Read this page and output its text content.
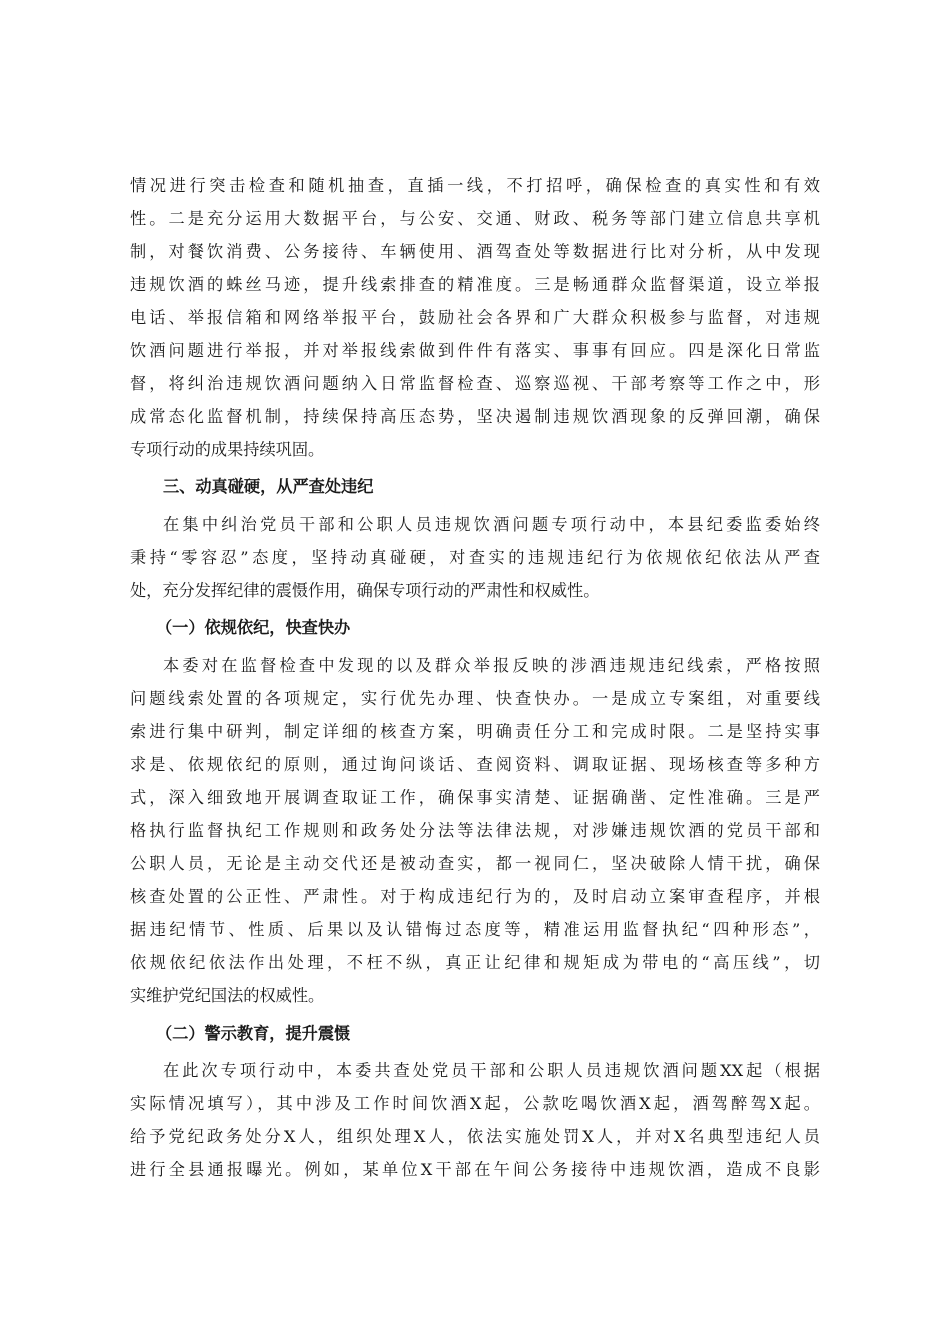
情况进行突击检查和随机抽查，直插一线，不打招呼，确保检查的真实性和有效
性。二是充分运用大数据平台，与公安、交通、财政、税务等部门建立信息共享机
制，对餐饮消费、公务接待、车辆使用、酒驾查处等数据进行比对分析，从中发现
违规饮酒的蛛丝马迹，提升线索排查的精准度。三是畅通群众监督渠道，设立举报
电话、举报信箱和网络举报平台，鼓励社会各界和广大群众积极参与监督，对违规
饮酒问题进行举报，并对举报线索做到件件有落实、事事有回应。四是深化日常监
督，将纠治违规饮酒问题纳入日常监督检查、巡察巡视、干部考察等工作之中，形
成常态化监督机制，持续保持高压态势，坚决遏制违规饮酒现象的反弹回潮，确保
专项行动的成果持续巩固。
三、动真碰硬，从严查处违纪
在集中纠治党员干部和公职人员违规饮酒问题专项行动中，本县纪委监委始终
秉持“零容忍”态度，坚持动真碰硬，对查实的违规违纪行为依规依纪依法从严查
处，充分发挥纪律的震慑作用，确保专项行动的严肃性和权威性。
（一）依规依纪，快查快办
本委对在监督检查中发现的以及群众举报反映的涉酒违规违纪线索，严格按照
问题线索处置的各项规定，实行优先办理、快查快办。一是成立专案组，对重要线
索进行集中研判，制定详细的核查方案，明确责任分工和完成时限。二是坚持实事
求是、依规依纪的原则，通过询问谈话、查阅资料、调取证据、现场核查等多种方
式，深入细致地开展调查取证工作，确保事实清楚、证据确凿、定性准确。三是严
格执行监督执纪工作规则和政务处分法等法律法规，对涉嫌违规饮酒的党员干部和
公职人员，无论是主动交代还是被动查实，都一视同仁，坚决破除人情干扰，确保
核查处置的公正性、严肃性。对于构成违纪行为的，及时启动立案审查程序，并根
据违纪情节、性质、后果以及认错悔过态度等，精准运用监督执纪“四种形态”，
依规依纪依法作出处理，不枉不纵，真正让纪律和规矩成为带电的“高压线”，切
实维护党纪国法的权威性。
（二）警示教育，提升震慑
在此次专项行动中，本委共查处党员干部和公职人员违规饮酒问题XX起（根据
实际情况填写），其中涉及工作时间饮酒X起，公款吃喝饮酒X起，酒驾醉驾X起。
给予党纪政务处分X人，组织处理X人，依法实施处罚X人，并对X名典型违纪人员
进行全县通报曝光。例如，某单位X干部在午间公务接待中违规饮酒，造成不良影
